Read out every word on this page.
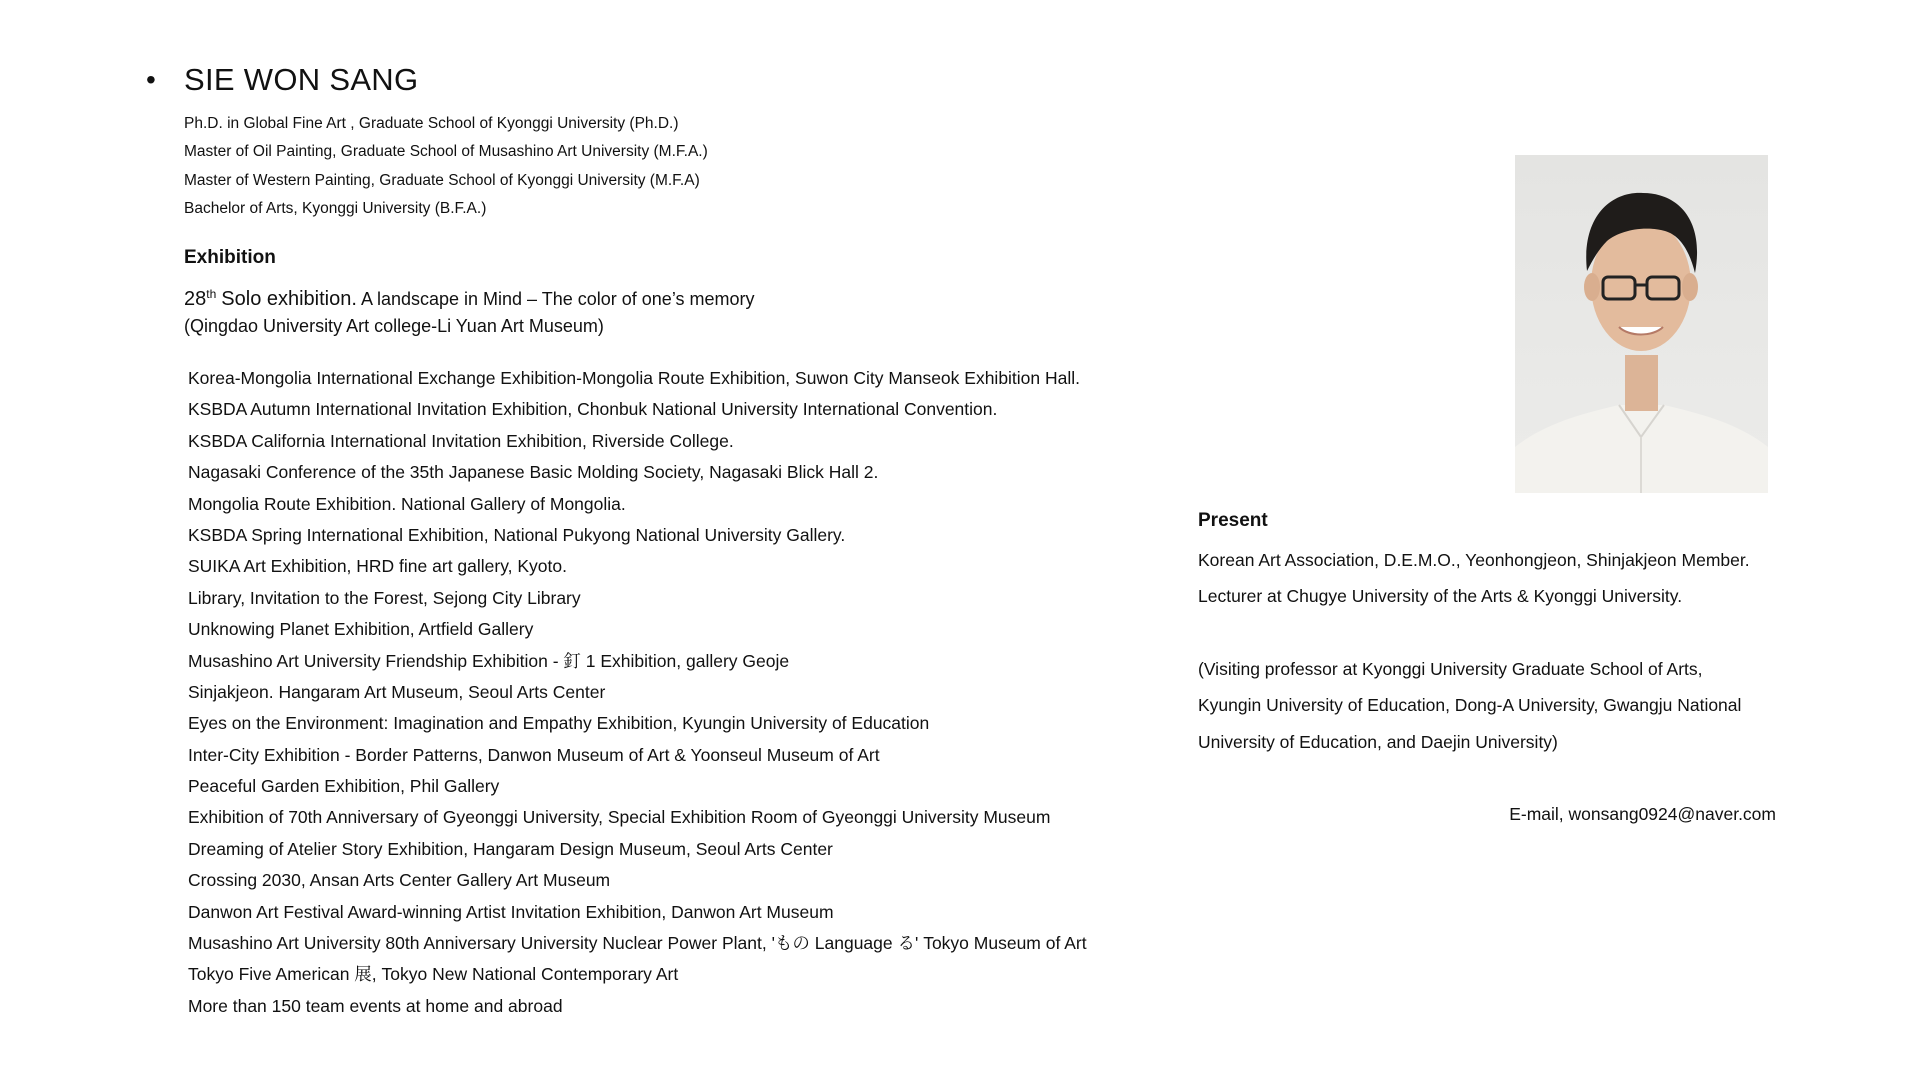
• SIE WON SANG
Ph.D. in Global Fine Art , Graduate School of Kyonggi University (Ph.D.)
Master of Oil Painting, Graduate School of Musashino Art University (M.F.A.)
Master of Western Painting, Graduate School of Kyonggi University (M.F.A)
Bachelor of Arts, Kyonggi University (B.F.A.)
Exhibition
28th Solo exhibition. A landscape in Mind – The color of one’s memory
(Qingdao University Art college-Li Yuan Art Museum)
Korea-Mongolia International Exchange Exhibition-Mongolia Route Exhibition, Suwon City Manseok Exhibition Hall.
KSBDA Autumn International Invitation Exhibition, Chonbuk National University International Convention.
KSBDA California International Invitation Exhibition, Riverside College.
Nagasaki Conference of the 35th Japanese Basic Molding Society, Nagasaki Blick Hall 2.
Mongolia Route Exhibition. National Gallery of Mongolia.
KSBDA Spring International Exhibition, National Pukyong National University Gallery.
SUIKA Art Exhibition, HRD fine art gallery, Kyoto.
Library, Invitation to the Forest, Sejong City Library
Unknowing Planet Exhibition, Artfield Gallery
Musashino Art University Friendship Exhibition - 釘 1 Exhibition, gallery Geoje
Sinjakjeon. Hangaram Art Museum, Seoul Arts Center
Eyes on the Environment: Imagination and Empathy Exhibition, Kyungin University of Education
Inter-City Exhibition - Border Patterns, Danwon Museum of Art & Yoonseul Museum of Art
Peaceful Garden Exhibition, Phil Gallery
Exhibition of 70th Anniversary of Gyeonggi University, Special Exhibition Room of Gyeonggi University Museum
Dreaming of Atelier Story Exhibition, Hangaram Design Museum, Seoul Arts Center
Crossing 2030, Ansan Arts Center Gallery Art Museum
Danwon Art Festival Award-winning Artist Invitation Exhibition, Danwon Art Museum
Musashino Art University 80th Anniversary University Nuclear Power Plant, 'もの Language る' Tokyo Museum of Art
Tokyo Five American 展, Tokyo New National Contemporary Art
More than 150 team events at home and abroad
Present
Korean Art Association, D.E.M.O., Yeonhongjeon, Shinjakjeon Member.
Lecturer at Chugye University of the Arts & Kyonggi University.
(Visiting professor at Kyonggi University Graduate School of Arts,
Kyungin University of Education, Dong-A University, Gwangju National
University of Education, and Daejin University)
E-mail, wonsang0924@naver.com
